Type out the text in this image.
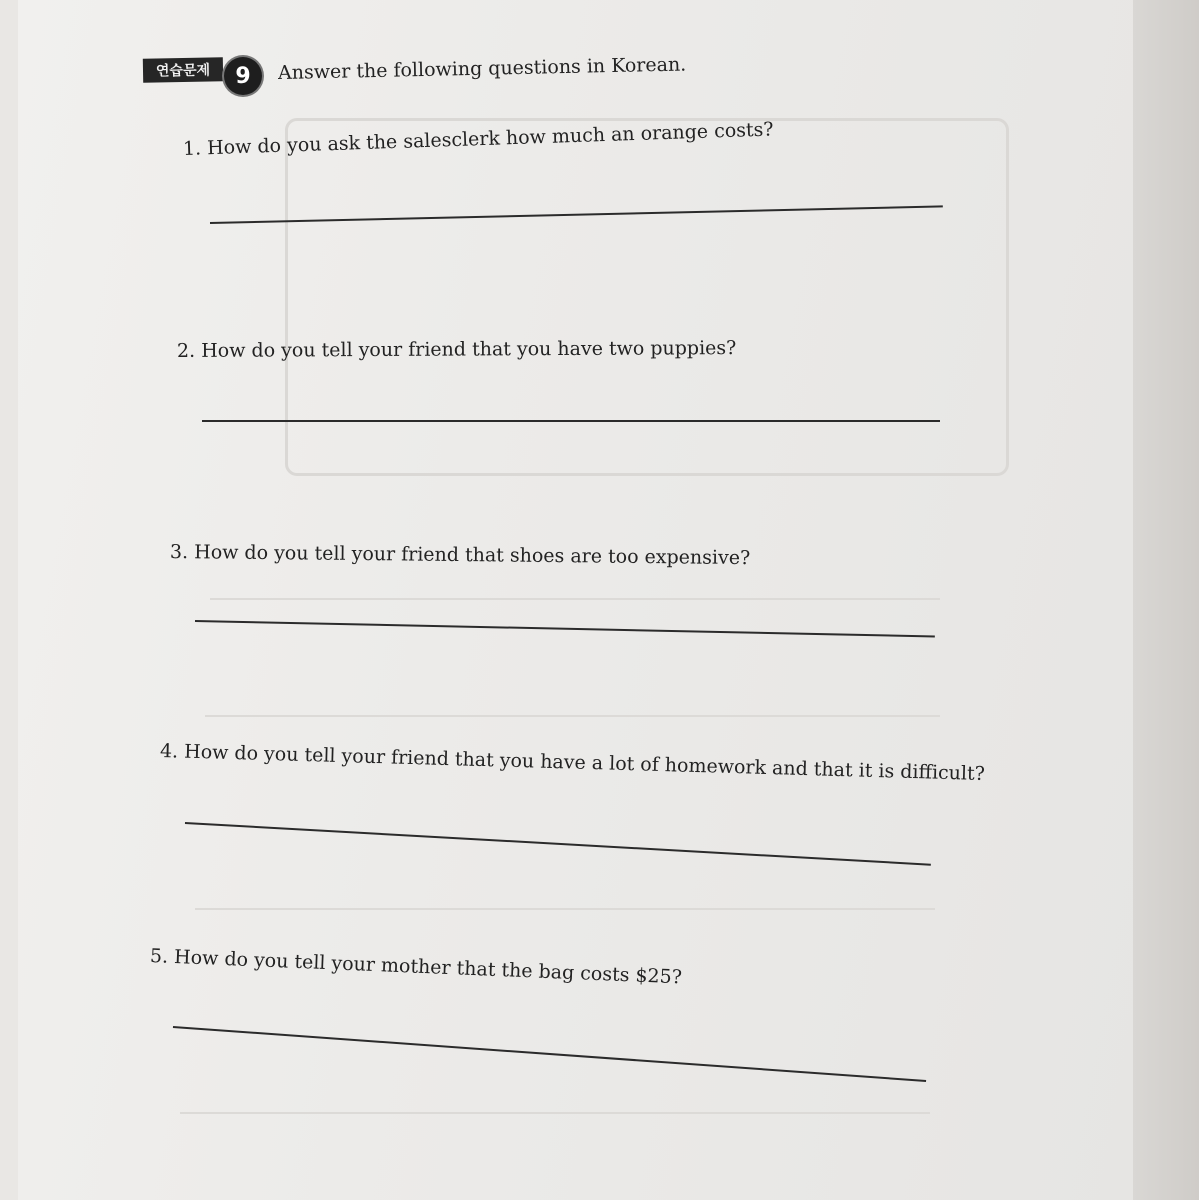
연습문제	9	Answer the following questions in Korean.
1. How do you ask the salesclerk how much an orange costs?
2. How do you tell your friend that you have two puppies?
3. How do you tell your friend that shoes are too expensive?
4. How do you tell your friend that you have a lot of homework and that it is difficult?
5. How do you tell your mother that the bag costs $25?
